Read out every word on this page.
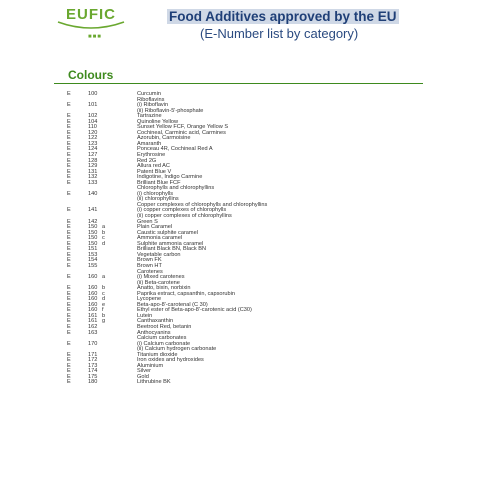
EUFIC
■■■
Food Additives approved by the EU
(E-Number list by category)
Colours
E	100	Curcumin
Riboflavins
E	101	(i) Riboflavin
(ii) Riboflavin-5'-phosphate
E	102	Tartrazine
E	104	Quinoline Yellow
E	110	Sunset Yellow FCF, Orange Yellow S
E	120	Cochineal, Carminic acid, Carmines
E	122	Azorubin, Carmoisine
E	123	Amaranth
E	124	Ponceau 4R, Cochineal Red A
E	127	Erythrosine
E	128	Red 2G
E	129	Allura red AC
E	131	Patent Blue V
E	132	Indigotine, Indigo Carmine
E	133	Brilliant Blue FCF
Chlorophylls and chlorophyllins
E	140	(i) chlorophylls
(ii) chlorophyllins
Copper complexes of chlorophylls and chlorophyllins
E	141	(i) copper complexes of chlorophylls
(ii) copper complexes of chlorophyllins
E	142	Green S
E	150 a	Plain Caramel
E	150 b	Caustic sulphite caramel
E	150 c	Ammonia caramel
E	150 d	Sulphite ammonia caramel
E	151	Brilliant Black BN, Black BN
E	153	Vegetable carbon
E	154	Brown FK
E	155	Brown HT
Carotenes
E	160 a	(i) Mixed carotenes
(ii) Beta-carotene
E	160 b	Anatto, bixin, norbixin
E	160 c	Paprika extract, capsanthin, capsorubin
E	160 d	Lycopene
E	160 e	Beta-apo-8'-carotenal (C 30)
E	160 f	Ethyl ester of Beta-apo-8'-carotenic acid (C30)
E	161 b	Lutein
E	161 g	Canthaxanthin
E	162	Beetroot Red, betanin
E	163	Anthocyanins
Calcium carbonates
E	170	(i) Calcium carbonate
(ii) Calcium hydrogen carbonate
E	171	Titanium dioxide
E	172	Iron oxides and hydroxides
E	173	Aluminium
E	174	Silver
E	175	Gold
E	180	Lithrubine BK
